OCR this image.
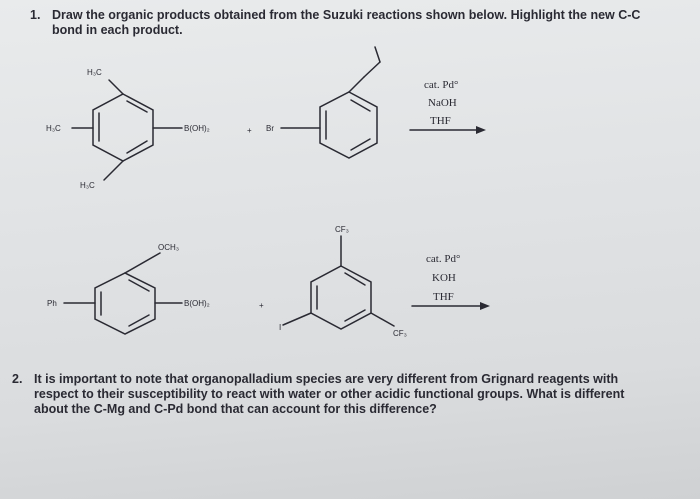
1. Draw the organic products obtained from the Suzuki reactions shown below. Highlight the new C-C
bond in each product.
H₃C
H₃C
H₃C
B(OH)₂	+ Br
cat. Pd°
NaOH
THF
OCH₃
Ph	B(OH)₂	+
CF₃
CF₃
I
cat. Pd°
KOH
THF
2. It is important to note that organopalladium species are very different from Grignard reagents with
respect to their susceptibility to react with water or other acidic functional groups. What is different
about the C-Mg and C-Pd bond that can account for this difference?
